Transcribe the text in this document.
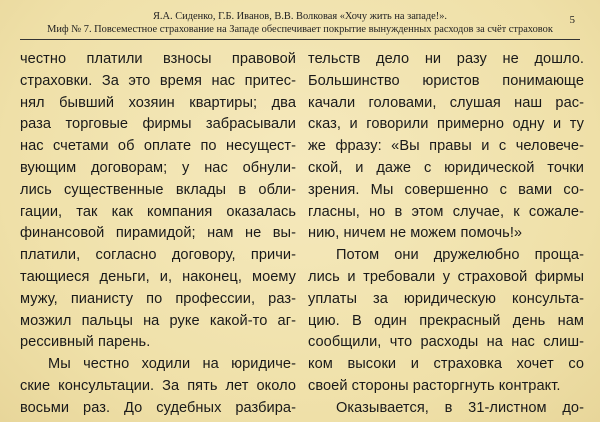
Я.А. Сиденко, Г.Б. Иванов, В.В. Волковая «Хочу жить на западе!».
Миф № 7. Повсеместное страхование на Западе обеспечивает покрытие вынужденных расходов за счёт страховок
5
честно платили взносы правовой
страховки. За это время нас притес-
нял бывший хозяин квартиры; два
раза торговые фирмы забрасывали
нас счетами об оплате по несущест-
вующим договорам; у нас обнули-
лись существенные вклады в обли-
гации, так как компания оказалась
финансовой пирамидой; нам не вы-
платили, согласно договору, причи-
тающиеся деньги, и, наконец, моему
мужу, пианисту по профессии, раз-
мозжил пальцы на руке какой-то аг-
рессивный парень.
Мы честно ходили на юридиче-
ские консультации. За пять лет около
восьми раз. До судебных разбира-
тельств дело ни разу не дошло.
Большинство юристов понимающе
качали головами, слушая наш рас-
сказ, и говорили примерно одну и ту
же фразу: «Вы правы и с человече-
ской, и даже с юридической точки
зрения. Мы совершенно с вами со-
гласны, но в этом случае, к сожале-
нию, ничем не можем помочь!»
Потом они дружелюбно проща-
лись и требовали у страховой фирмы
уплаты за юридическую консульта-
цию. В один прекрасный день нам
сообщили, что расходы на нас слиш-
ком высоки и страховка хочет со
своей стороны расторгнуть контракт.
Оказывается, в 31-листном до-
